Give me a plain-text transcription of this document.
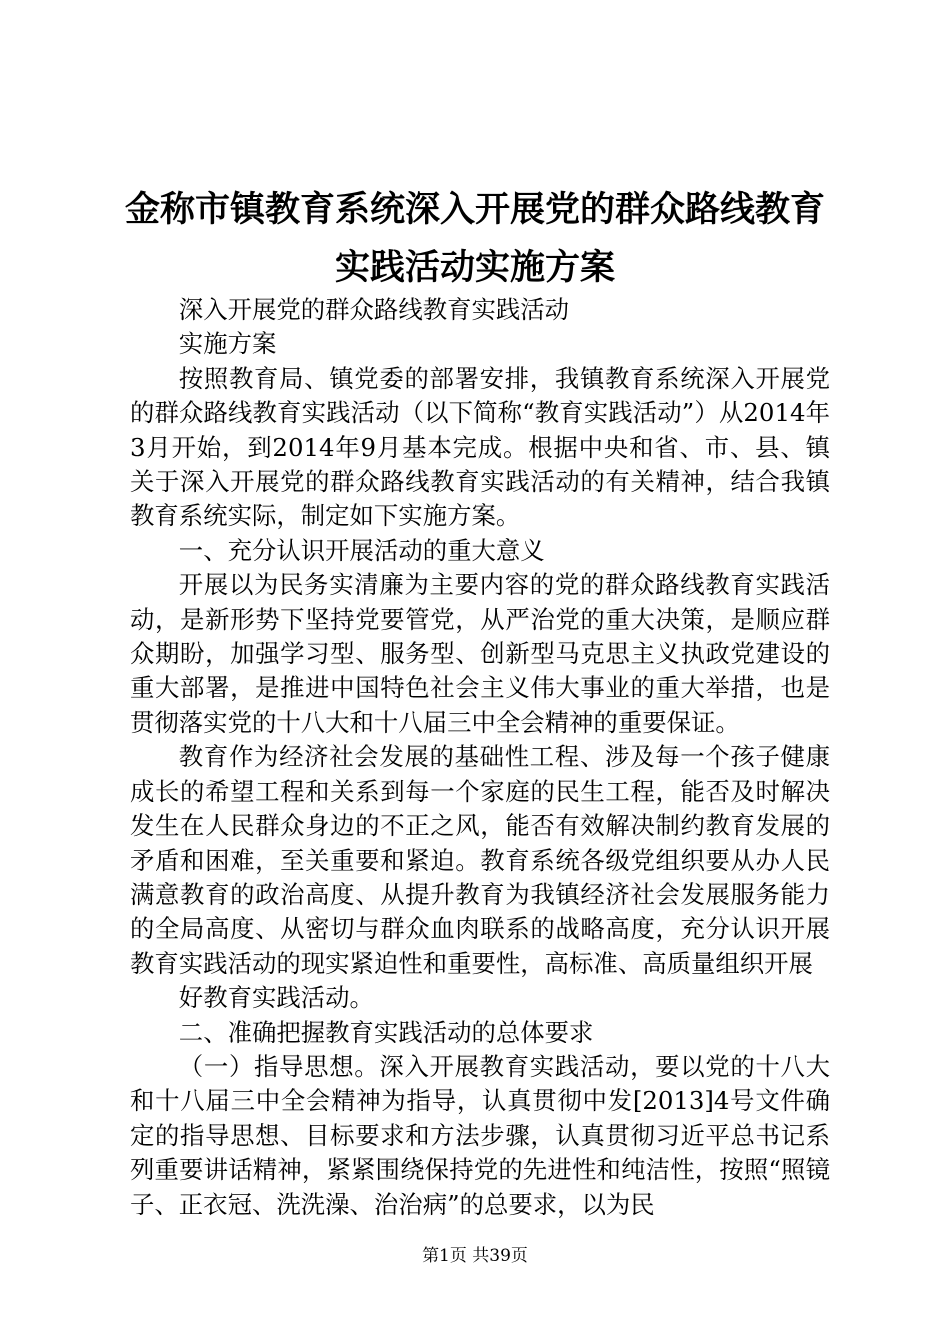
金称市镇教育系统深入开展党的群众路线教育
实践活动实施方案

深入开展党的群众路线教育实践活动

实施方案

按照教育局、镇党委的部署安排，我镇教育系统深入开展党的群众路线教育实践活动（以下简称“教育实践活动”）从2014年3月开始，到2014年9月基本完成。根据中央和省、市、县、镇关于深入开展党的群众路线教育实践活动的有关精神，结合我镇教育系统实际，制定如下实施方案。

一、充分认识开展活动的重大意义

开展以为民务实清廉为主要内容的党的群众路线教育实践活动，是新形势下坚持党要管党，从严治党的重大决策，是顺应群众期盼，加强学习型、服务型、创新型马克思主义执政党建设的重大部署，是推进中国特色社会主义伟大事业的重大举措，也是贯彻落实党的十八大和十八届三中全会精神的重要保证。

教育作为经济社会发展的基础性工程、涉及每一个孩子健康成长的希望工程和关系到每一个家庭的民生工程，能否及时解决发生在人民群众身边的不正之风，能否有效解决制约教育发展的矛盾和困难，至关重要和紧迫。教育系统各级党组织要从办人民满意教育的政治高度、从提升教育为我镇经济社会发展服务能力的全局高度、从密切与群众血肉联系的战略高度，充分认识开展教育实践活动的现实紧迫性和重要性，高标准、高质量组织开展

好教育实践活动。

二、准确把握教育实践活动的总体要求

（一）指导思想。深入开展教育实践活动，要以党的十八大和十八届三中全会精神为指导，认真贯彻中发[2013]4号文件确定的指导思想、目标要求和方法步骤，认真贯彻习近平总书记系列重要讲话精神，紧紧围绕保持党的先进性和纯洁性，按照“照镜子、正衣冠、洗洗澡、治治病”的总要求，以为民

第1页 共39页
